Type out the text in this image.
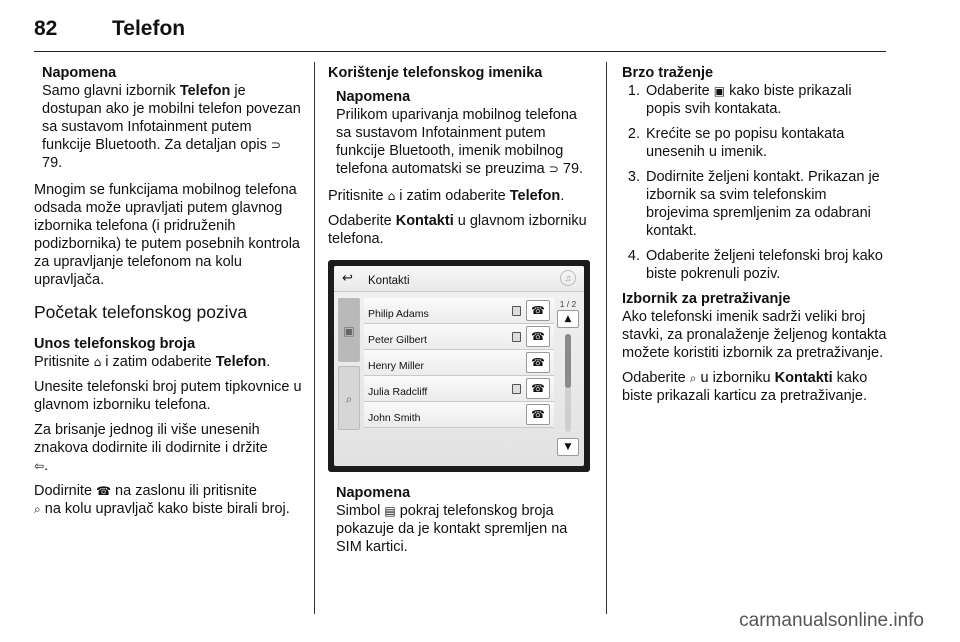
82	Telefon
Napomena
Samo glavni izbornik Telefon je dostupan ako je mobilni telefon povezan sa sustavom Infotainment putem funkcije Bluetooth. Za detaljan opis ⊃ 79.

Mnogim se funkcijama mobilnog telefona odsada može upravljati putem glavnog izbornika telefona (i pridruženih podizbornika) te putem posebnih kontrola za upravljanje telefonom na kolu upravljača.

Početak telefonskog poziva
Unos telefonskog broja

Pritisnite ⌂ i zatim odaberite Telefon.

Unesite telefonski broj putem tipkovnice u glavnom izborniku telefona.

Za brisanje jednog ili više unesenih znakova dodirnite ili dodirnite i držite
⇦.

Dodirnite ☎ na zaslonu ili pritisnite
⌕ na kolu upravljač kako biste birali broj.

Korištenje telefonskog imenika
Napomena
Prilikom uparivanja mobilnog telefona sa sustavom Infotainment putem funkcije Bluetooth, imenik mobilnog telefona automatski se preuzima ⊃ 79.

Pritisnite ⌂ i zatim odaberite Telefon.

Odaberite Kontakti u glavnom izborniku telefona.

↩ Kontakti	♫
▣
⌕
Philip Adams	☎
Peter Gilbert	☎
Henry Miller	☎
Julia Radcliff	☎
John Smith	☎
1 / 2
▲
▼
Napomena
Simbol ▤ pokraj telefonskog broja pokazuje da je kontakt spremljen na SIM kartici.
Brzo traženje
1. Odaberite ▣ kako biste prikazali popis svih kontakata.
2. Krećite se po popisu kontakata unesenih u imenik.
3. Dodirnite željeni kontakt. Prikazan je izbornik sa svim telefonskim brojevima spremljenim za odabrani kontakt.
4. Odaberite željeni telefonski broj kako biste pokrenuli poziv.
Izbornik za pretraživanje

Ako telefonski imenik sadrži veliki broj stavki, za pronalaženje željenog kontakta možete koristiti izbornik za pretraživanje.

Odaberite ⌕ u izborniku Kontakti kako biste prikazali karticu za pretraživanje.

carmanualsonline.info
